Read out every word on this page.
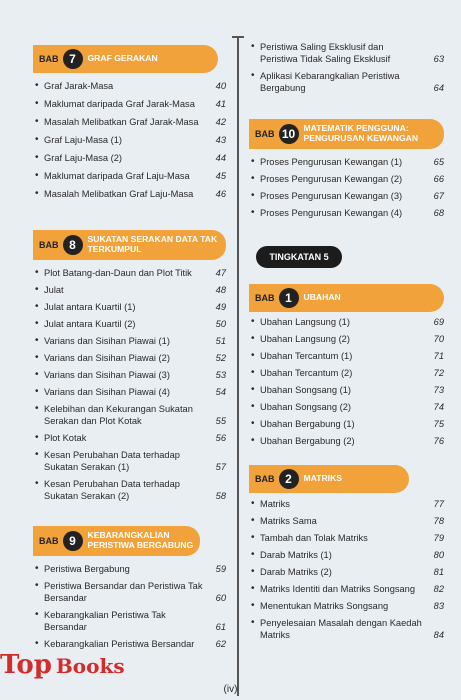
BAB 7	GRAF GERAKAN
• Graf Jarak-Masa	40
• Maklumat daripada Graf Jarak-Masa 41
• Masalah Melibatkan Graf Jarak-Masa 42
• Graf Laju-Masa (1)	43
• Graf Laju-Masa (2)	44
• Maklumat daripada Graf Laju-Masa	45
• Masalah Melibatkan Graf Laju-Masa 46
BAB 8	SUKATAN SERAKAN DATA TAK TERKUMPUL
• Plot Batang-dan-Daun dan Plot Titik	47
• Julat	48
• Julat antara Kuartil (1)	49
• Julat antara Kuartil (2)	50
• Varians dan Sisihan Piawai (1)	51
• Varians dan Sisihan Piawai (2)	52
• Varians dan Sisihan Piawai (3)	53
• Varians dan Sisihan Piawai (4)	54
• Kelebihan dan Kekurangan Sukatan Serakan dan Plot Kotak	55
• Plot Kotak	56
• Kesan Perubahan Data terhadap Sukatan Serakan (1)	57
• Kesan Perubahan Data terhadap Sukatan Serakan (2)	58
BAB 9	KEBARANGKALIAN PERISTIWA BERGABUNG
• Peristiwa Bergabung	59
• Peristiwa Bersandar dan Peristiwa Tak Bersandar	60
• Kebarangkalian Peristiwa Tak Bersandar	61
• Kebarangkalian Peristiwa Bersandar 62
• Peristiwa Saling Eksklusif dan Peristiwa Tidak Saling Eksklusif	63
• Aplikasi Kebarangkalian Peristiwa Bergabung	64
BAB 10 MATEMATIK PENGGUNA: PENGURUSAN KEWANGAN
• Proses Pengurusan Kewangan (1)	65
• Proses Pengurusan Kewangan (2)	66
• Proses Pengurusan Kewangan (3)	67
• Proses Pengurusan Kewangan (4)	68
TINGKATAN 5
BAB 1	UBAHAN
• Ubahan Langsung (1)	69
• Ubahan Langsung (2)	70
• Ubahan Tercantum (1)	71
• Ubahan Tercantum (2)	72
• Ubahan Songsang (1)	73
• Ubahan Songsang (2)	74
• Ubahan Bergabung (1)	75
• Ubahan Bergabung (2)	76
BAB 2	MATRIKS
• Matriks	77
• Matriks Sama	78
• Tambah dan Tolak Matriks	79
• Darab Matriks (1)	80
• Darab Matriks (2)	81
• Matriks Identiti dan Matriks Songsang 82
• Menentukan Matriks Songsang	83
• Penyelesaian Masalah dengan Kaedah Matriks	84
Top Books
(iv)
